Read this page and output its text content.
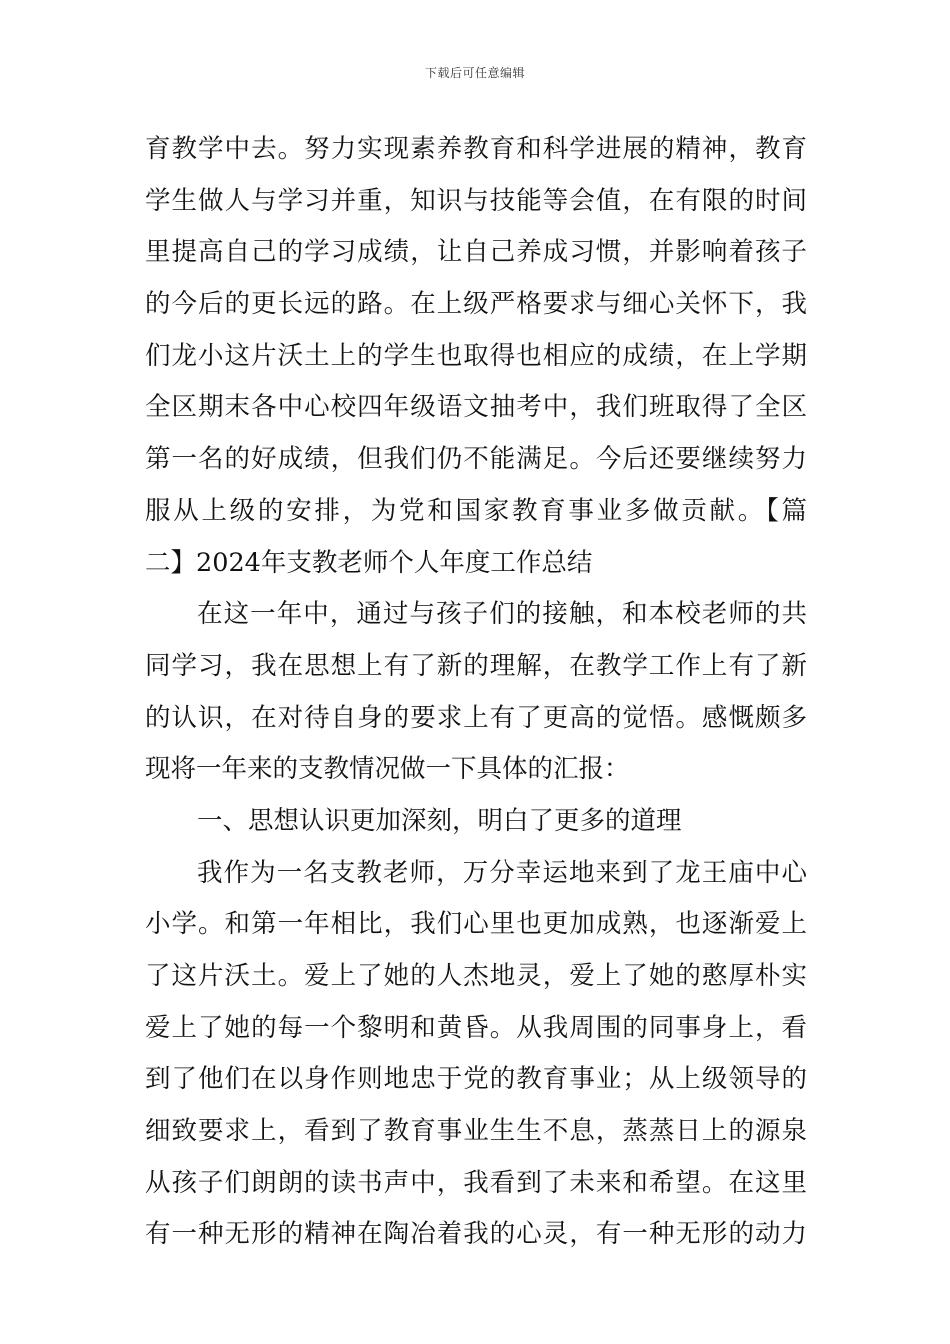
下载后可任意编辑
育教学中去。努力实现素养教育和科学进展的精神，教育
学生做人与学习并重，知识与技能等会值，在有限的时间
里提高自己的学习成绩，让自己养成习惯，并影响着孩子
的今后的更长远的路。在上级严格要求与细心关怀下，我
们龙小这片沃土上的学生也取得也相应的成绩，在上学期
全区期末各中心校四年级语文抽考中，我们班取得了全区
第一名的好成绩，但我们仍不能满足。今后还要继续努力
服从上级的安排，为党和国家教育事业多做贡献。【篇
二】2024年支教老师个人年度工作总结
在这一年中，通过与孩子们的接触，和本校老师的共
同学习，我在思想上有了新的理解，在教学工作上有了新
的认识，在对待自身的要求上有了更高的觉悟。感慨颇多
现将一年来的支教情况做一下具体的汇报：
一、思想认识更加深刻，明白了更多的道理
我作为一名支教老师，万分幸运地来到了龙王庙中心
小学。和第一年相比，我们心里也更加成熟，也逐渐爱上
了这片沃土。爱上了她的人杰地灵，爱上了她的憨厚朴实
爱上了她的每一个黎明和黄昏。从我周围的同事身上，看
到了他们在以身作则地忠于党的教育事业；从上级领导的
细致要求上，看到了教育事业生生不息，蒸蒸日上的源泉
从孩子们朗朗的读书声中，我看到了未来和希望。在这里
有一种无形的精神在陶冶着我的心灵，有一种无形的动力
